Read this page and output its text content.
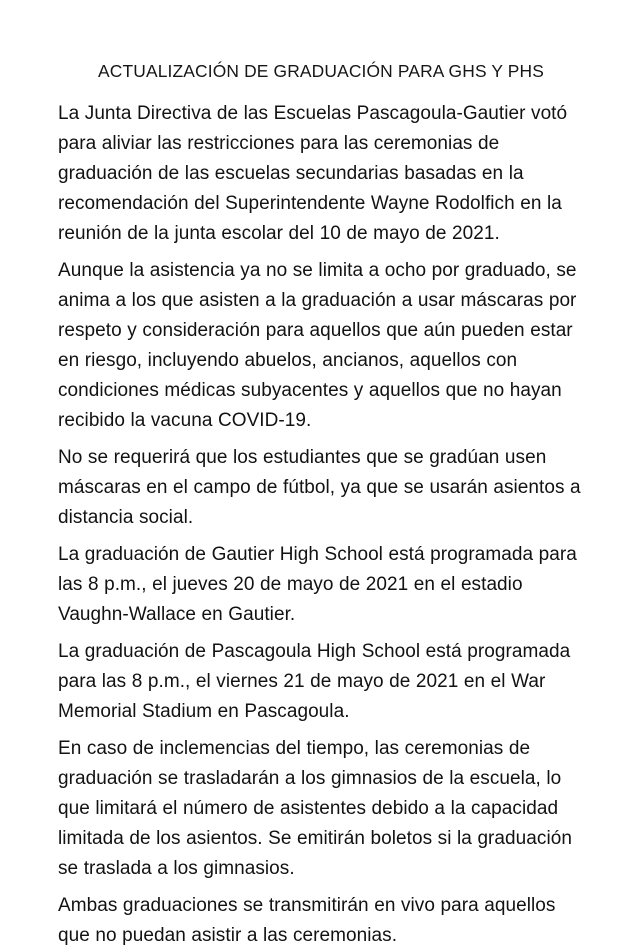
ACTUALIZACIÓN DE GRADUACIÓN PARA GHS Y PHS

La Junta Directiva de las Escuelas Pascagoula-Gautier votó para aliviar las restricciones para las ceremonias de graduación de las escuelas secundarias basadas en la recomendación del Superintendente Wayne Rodolfich en la reunión de la junta escolar del 10 de mayo de 2021.

Aunque la asistencia ya no se limita a ocho por graduado, se anima a los que asisten a la graduación a usar máscaras por respeto y consideración para aquellos que aún pueden estar en riesgo, incluyendo abuelos, ancianos, aquellos con condiciones médicas subyacentes y aquellos que no hayan recibido la vacuna COVID-19.

No se requerirá que los estudiantes que se gradúan usen máscaras en el campo de fútbol, ya que se usarán asientos a distancia social.

La graduación de Gautier High School está programada para las 8 p.m., el jueves 20 de mayo de 2021 en el estadio Vaughn-Wallace en Gautier.

La graduación de Pascagoula High School está programada para las 8 p.m., el viernes 21 de mayo de 2021 en el War Memorial Stadium en Pascagoula.

En caso de inclemencias del tiempo, las ceremonias de graduación se trasladarán a los gimnasios de la escuela, lo que limitará el número de asistentes debido a la capacidad limitada de los asientos. Se emitirán boletos si la graduación se traslada a los gimnasios.

Ambas graduaciones se transmitirán en vivo para aquellos que no puedan asistir a las ceremonias.
